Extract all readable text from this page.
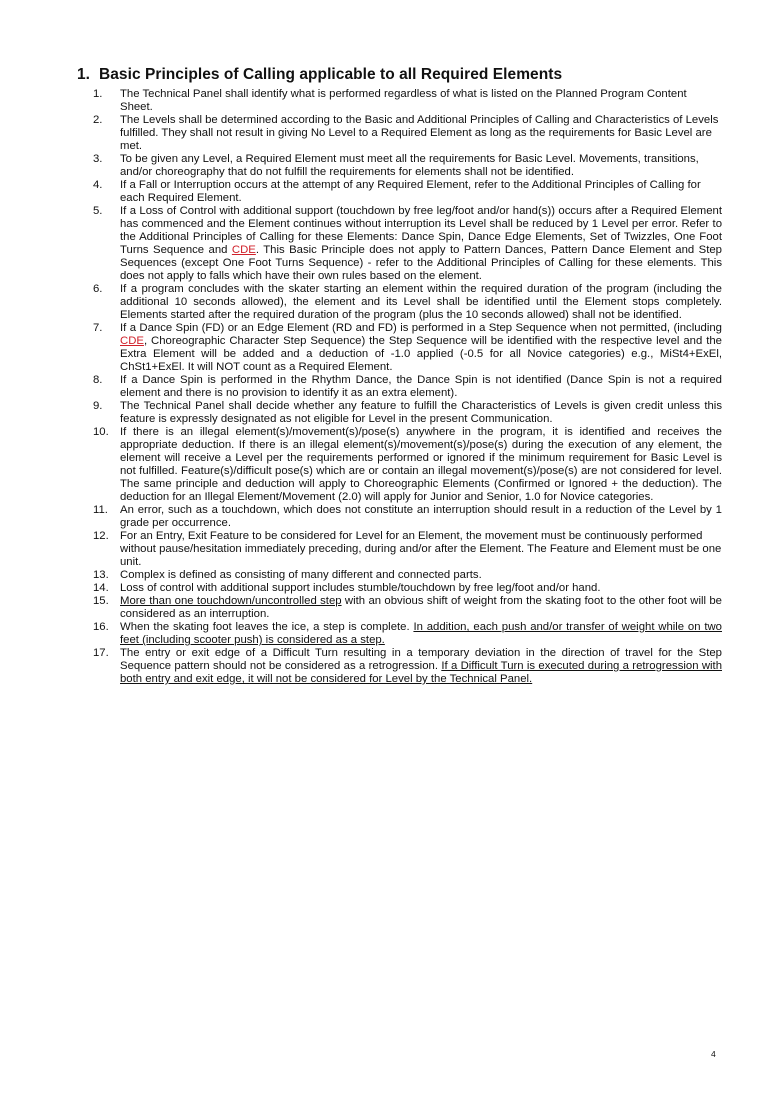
1. Basic Principles of Calling applicable to all Required Elements
1.	The Technical Panel shall identify what is performed regardless of what is listed on the Planned Program Content Sheet.
2.	The Levels shall be determined according to the Basic and Additional Principles of Calling and Characteristics of Levels fulfilled. They shall not result in giving No Level to a Required Element as long as the requirements for Basic Level are met.
3.	To be given any Level, a Required Element must meet all the requirements for Basic Level. Movements, transitions, and/or choreography that do not fulfill the requirements for elements shall not be identified.
4.	If a Fall or Interruption occurs at the attempt of any Required Element, refer to the Additional Principles of Calling for each Required Element.
5.	If a Loss of Control with additional support (touchdown by free leg/foot and/or hand(s)) occurs after a Required Element has commenced and the Element continues without interruption its Level shall be reduced by 1 Level per error. Refer to the Additional Principles of Calling for these Elements: Dance Spin, Dance Edge Elements, Set of Twizzles, One Foot Turns Sequence and CDE. This Basic Principle does not apply to Pattern Dances, Pattern Dance Element and Step Sequences (except One Foot Turns Sequence) - refer to the Additional Principles of Calling for these elements. This does not apply to falls which have their own rules based on the element.
6.	If a program concludes with the skater starting an element within the required duration of the program (including the additional 10 seconds allowed), the element and its Level shall be identified until the Element stops completely. Elements started after the required duration of the program (plus the 10 seconds allowed) shall not be identified.
7.	If a Dance Spin (FD) or an Edge Element (RD and FD) is performed in a Step Sequence when not permitted, (including CDE, Choreographic Character Step Sequence) the Step Sequence will be identified with the respective level and the Extra Element will be added and a deduction of -1.0 applied (-0.5 for all Novice categories) e.g., MiSt4+ExEl, ChSt1+ExEl. It will NOT count as a Required Element.
8.	If a Dance Spin is performed in the Rhythm Dance, the Dance Spin is not identified (Dance Spin is not a required element and there is no provision to identify it as an extra element).
9.	The Technical Panel shall decide whether any feature to fulfill the Characteristics of Levels is given credit unless this feature is expressly designated as not eligible for Level in the present Communication.
10. If there is an illegal element(s)/movement(s)/pose(s) anywhere in the program, it is identified and receives the appropriate deduction. If there is an illegal element(s)/movement(s)/pose(s) during the execution of any element, the element will receive a Level per the requirements performed or ignored if the minimum requirement for Basic Level is not fulfilled. Feature(s)/difficult pose(s) which are or contain an illegal movement(s)/pose(s) are not considered for level. The same principle and deduction will apply to Choreographic Elements (Confirmed or Ignored + the deduction). The deduction for an Illegal Element/Movement (2.0) will apply for Junior and Senior, 1.0 for Novice categories.
11.	An error, such as a touchdown, which does not constitute an interruption should result in a reduction of the Level by 1 grade per occurrence.
12. For an Entry, Exit Feature to be considered for Level for an Element, the movement must be continuously performed without pause/hesitation immediately preceding, during and/or after the Element. The Feature and Element must be one unit.
13. Complex is defined as consisting of many different and connected parts.
14. Loss of control with additional support includes stumble/touchdown by free leg/foot and/or hand.
15. More than one touchdown/uncontrolled step with an obvious shift of weight from the skating foot to the other foot will be considered as an interruption.
16. When the skating foot leaves the ice, a step is complete. In addition, each push and/or transfer of weight while on two feet (including scooter push) is considered as a step.
17. The entry or exit edge of a Difficult Turn resulting in a temporary deviation in the direction of travel for the Step Sequence pattern should not be considered as a retrogression. If a Difficult Turn is executed during a retrogression with both entry and exit edge, it will not be considered for Level by the Technical Panel.
4
